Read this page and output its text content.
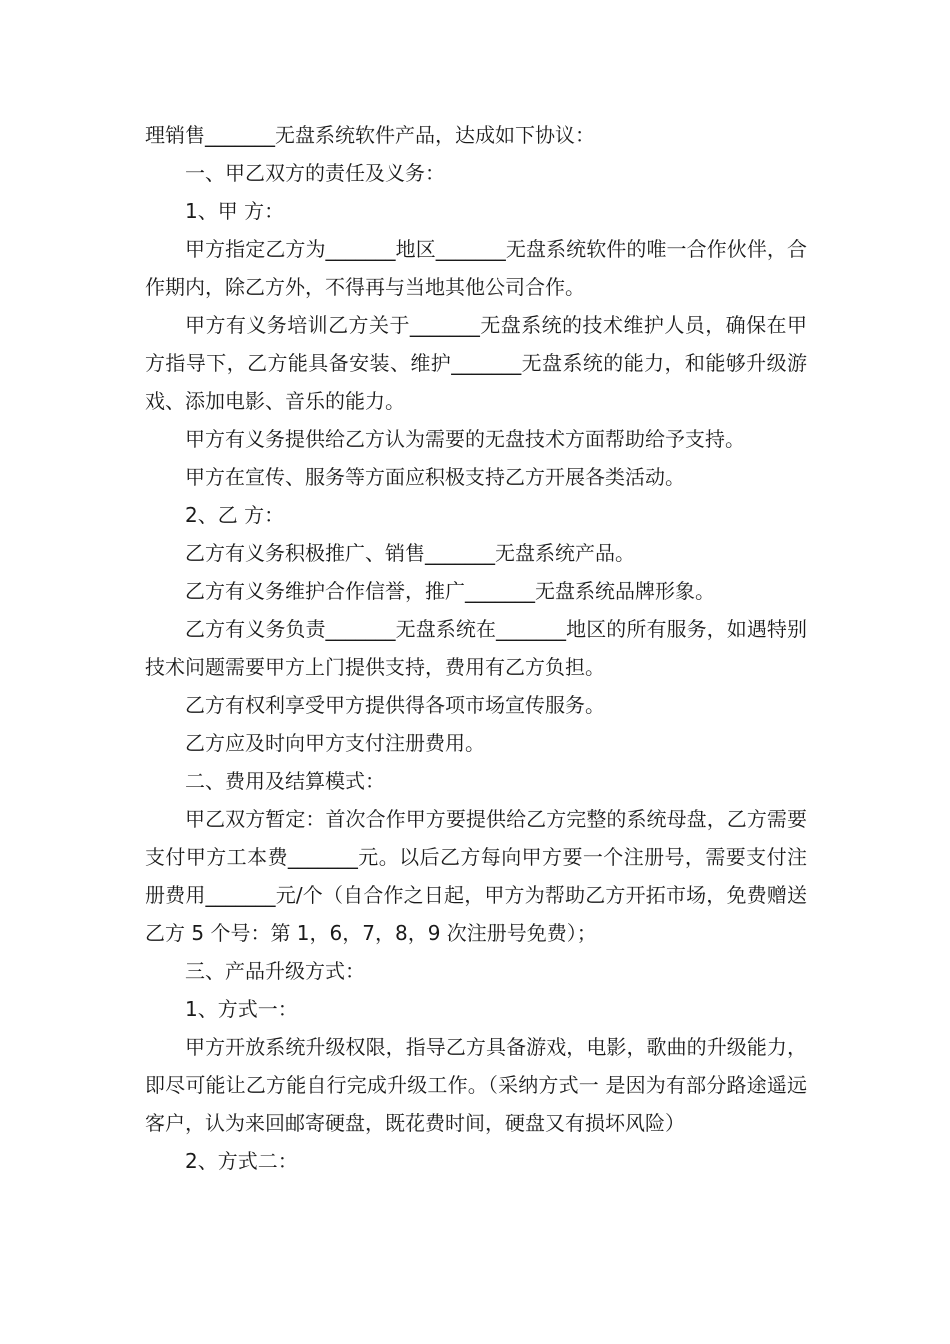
理销售_______无盘系统软件产品，达成如下协议：

一、甲乙双方的责任及义务：

1、甲 方：

甲方指定乙方为_______地区_______无盘系统软件的唯一合作伙伴，合作期内，除乙方外，不得再与当地其他公司合作。

甲方有义务培训乙方关于_______无盘系统的技术维护人员，确保在甲方指导下，乙方能具备安装、维护_______无盘系统的能力，和能够升级游戏、添加电影、音乐的能力。

甲方有义务提供给乙方认为需要的无盘技术方面帮助给予支持。

甲方在宣传、服务等方面应积极支持乙方开展各类活动。

2、乙 方：

乙方有义务积极推广、销售_______无盘系统产品。

乙方有义务维护合作信誉，推广_______无盘系统品牌形象。

乙方有义务负责_______无盘系统在_______地区的所有服务，如遇特别技术问题需要甲方上门提供支持，费用有乙方负担。

乙方有权利享受甲方提供得各项市场宣传服务。

乙方应及时向甲方支付注册费用。

二、费用及结算模式：

甲乙双方暂定：首次合作甲方要提供给乙方完整的系统母盘，乙方需要支付甲方工本费_______元。以后乙方每向甲方要一个注册号，需要支付注册费用_______元/个（自合作之日起，甲方为帮助乙方开拓市场，免费赠送乙方 5 个号：第 1，6，7，8，9 次注册号免费）；

三、产品升级方式：

1、方式一：

甲方开放系统升级权限，指导乙方具备游戏，电影，歌曲的升级能力，即尽可能让乙方能自行完成升级工作。（采纳方式一 是因为有部分路途遥远客户，认为来回邮寄硬盘，既花费时间，硬盘又有损坏风险）

2、方式二：
